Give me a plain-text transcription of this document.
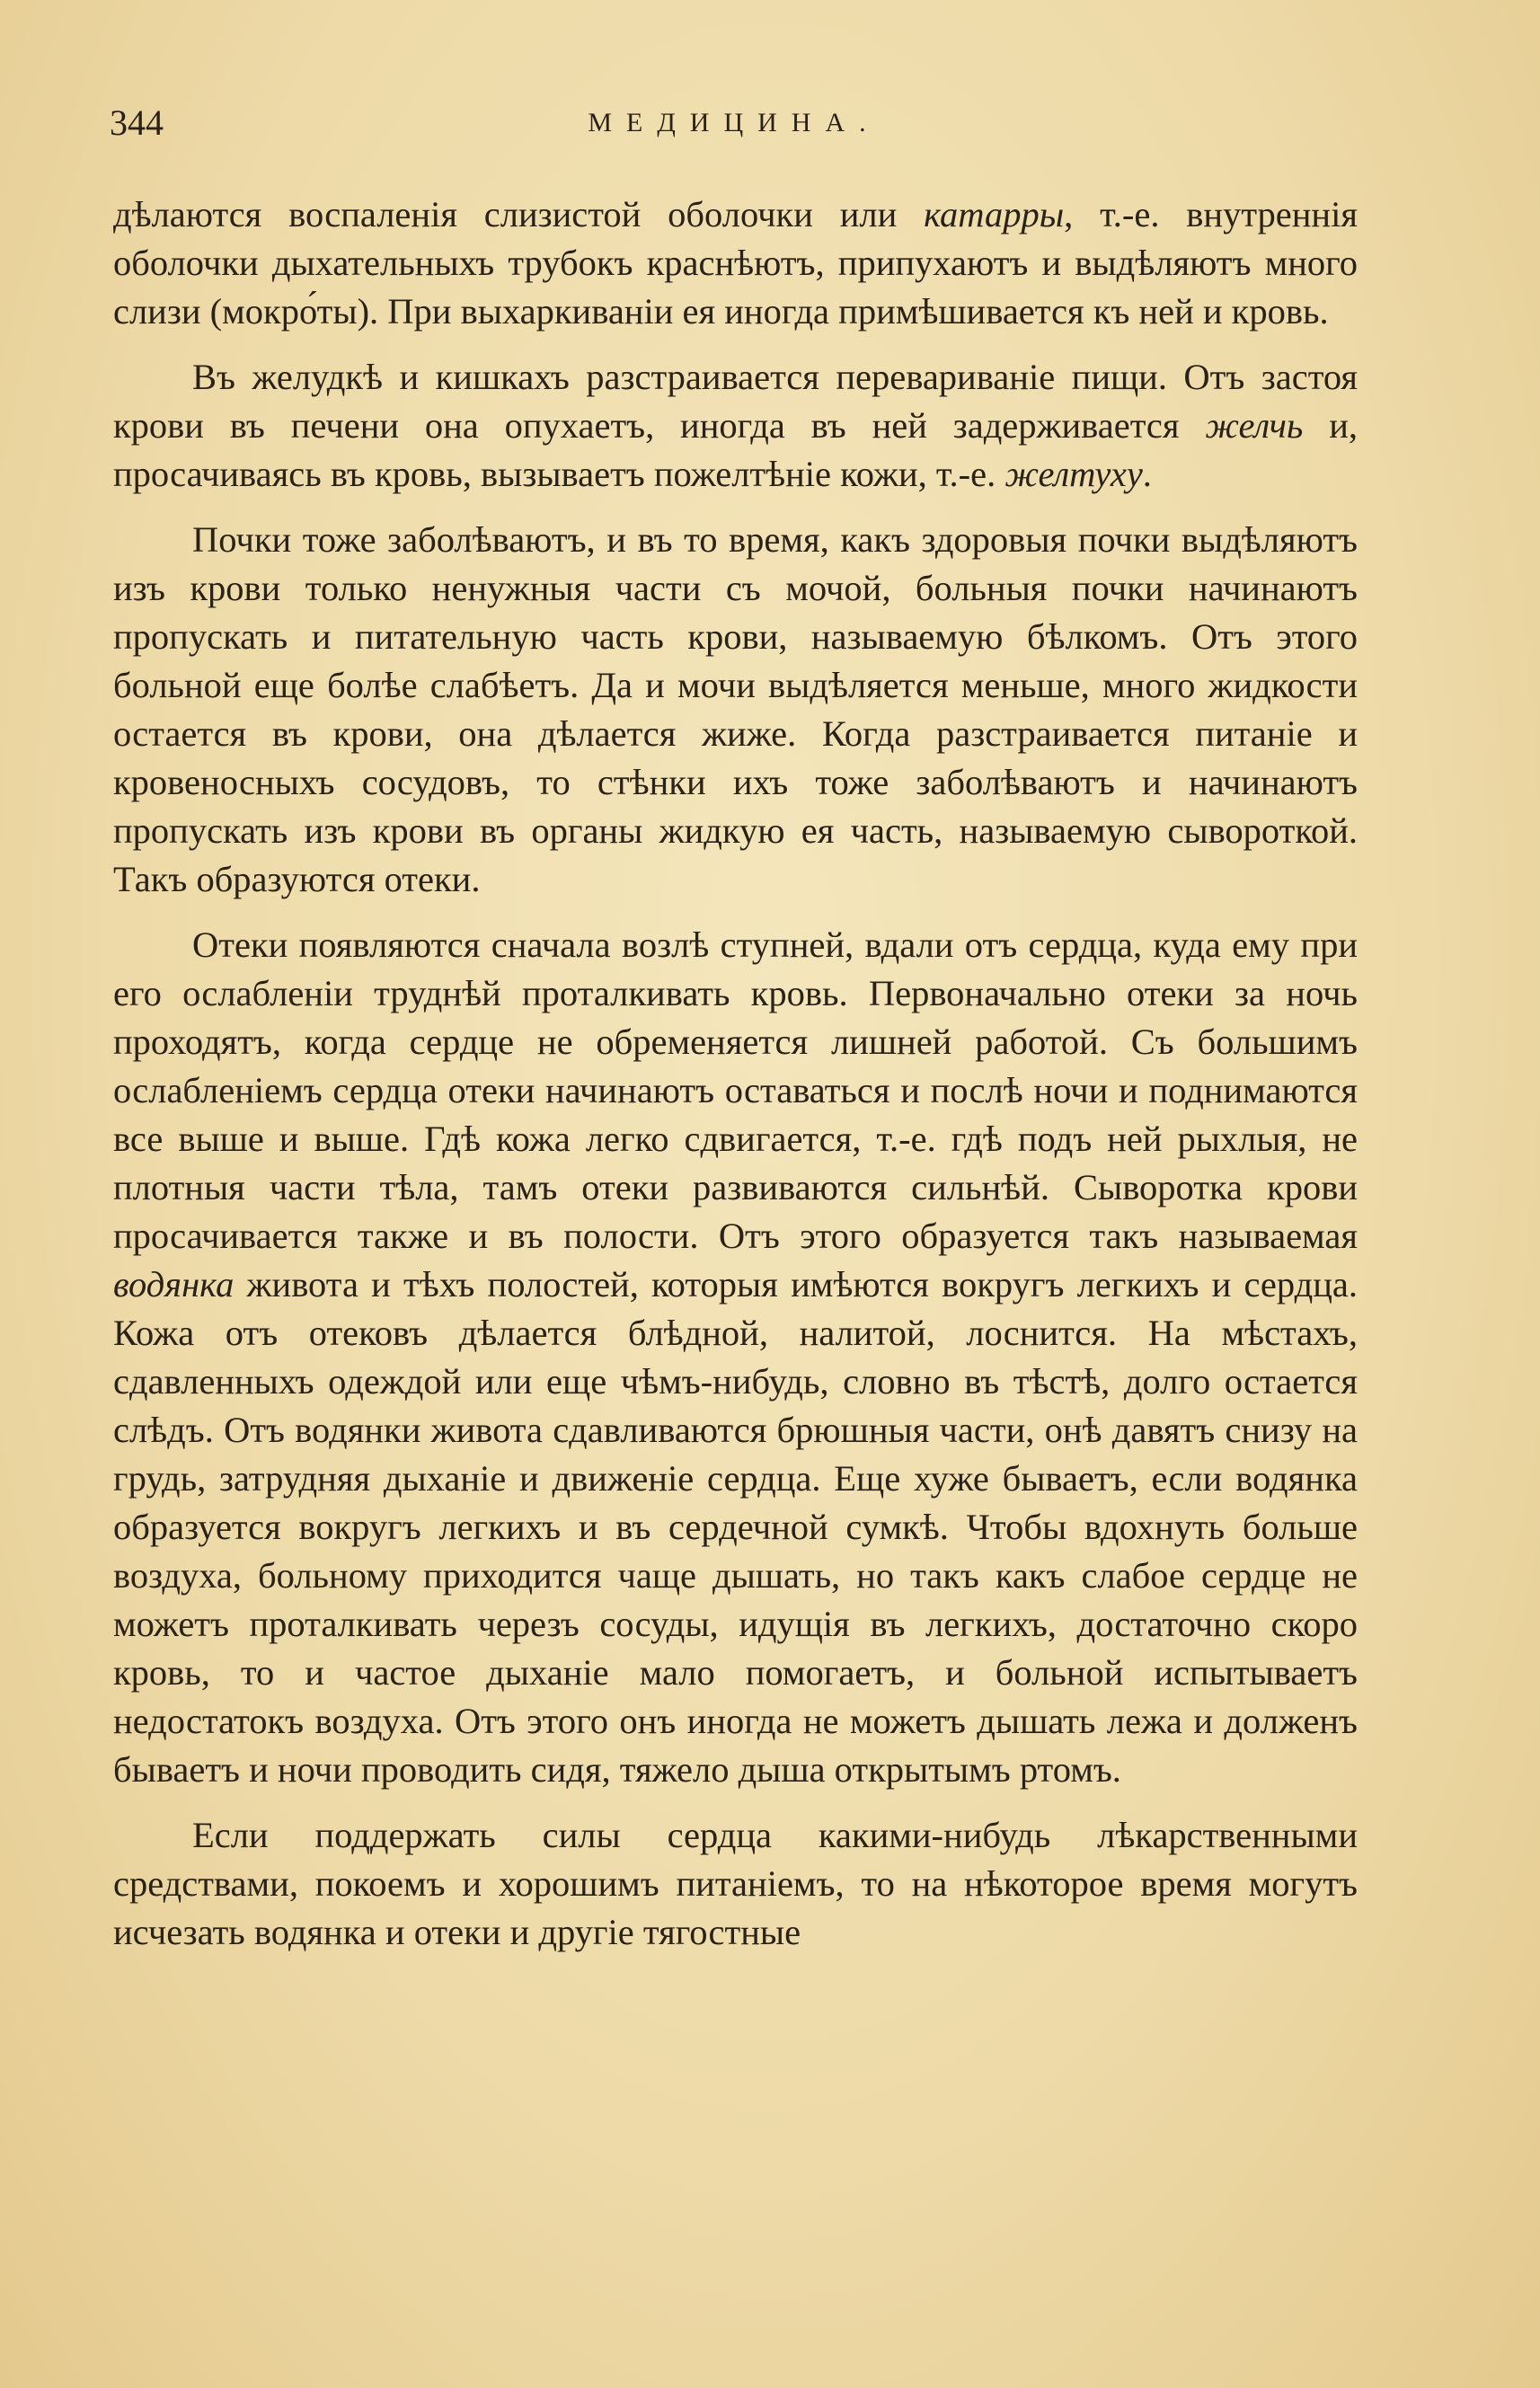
344	МЕДИЦИНА.

дѣлаются воспаленія слизистой оболочки или катарры, т.-е. внутреннія оболочки дыхательныхъ трубокъ краснѣютъ, припухаютъ и выдѣляютъ много слизи (мокро́ты). При выхаркиваніи ея иногда примѣшивается къ ней и кровь.

Въ желудкѣ и кишкахъ разстраивается перевариваніе пищи. Отъ застоя крови въ печени она опухаетъ, иногда въ ней задерживается желчь и, просачиваясь въ кровь, вызываетъ пожелтѣніе кожи, т.-е. желтуху.

Почки тоже заболѣваютъ, и въ то время, какъ здоровыя почки выдѣляютъ изъ крови только ненужныя части съ мочой, больныя почки начинаютъ пропускать и питательную часть крови, называемую бѣлкомъ. Отъ этого больной еще болѣе слабѣетъ. Да и мочи выдѣляется меньше, много жидкости остается въ крови, она дѣлается жиже. Когда разстраивается питаніе и кровеносныхъ сосудовъ, то стѣнки ихъ тоже заболѣваютъ и начинаютъ пропускать изъ крови въ органы жидкую ея часть, называемую сывороткой. Такъ образуются отеки.

Отеки появляются сначала возлѣ ступней, вдали отъ сердца, куда ему при его ослабленіи труднѣй проталкивать кровь. Первоначально отеки за ночь проходятъ, когда сердце не обременяется лишней работой. Съ большимъ ослабленіемъ сердца отеки начинаютъ оставаться и послѣ ночи и поднимаются все выше и выше. Гдѣ кожа легко сдвигается, т.-е. гдѣ подъ ней рыхлыя, не плотныя части тѣла, тамъ отеки развиваются сильнѣй. Сыворотка крови просачивается также и въ полости. Отъ этого образуется такъ называемая водянка живота и тѣхъ полостей, которыя имѣются вокругъ легкихъ и сердца. Кожа отъ отековъ дѣлается блѣдной, налитой, лоснится. На мѣстахъ, сдавленныхъ одеждой или еще чѣмъ-нибудь, словно въ тѣстѣ, долго остается слѣдъ. Отъ водянки живота сдавливаются брюшныя части, онѣ давятъ снизу на грудь, затрудняя дыханіе и движеніе сердца. Еще хуже бываетъ, если водянка образуется вокругъ легкихъ и въ сердечной сумкѣ. Чтобы вдохнуть больше воздуха, больному приходится чаще дышать, но такъ какъ слабое сердце не можетъ проталкивать черезъ сосуды, идущія въ легкихъ, достаточно скоро кровь, то и частое дыханіе мало помогаетъ, и больной испытываетъ недостатокъ воздуха. Отъ этого онъ иногда не можетъ дышать лежа и долженъ бываетъ и ночи проводить сидя, тяжело дыша открытымъ ртомъ.

Если поддержать силы сердца какими-нибудь лѣкарственными средствами, покоемъ и хорошимъ питаніемъ, то на нѣкоторое время могутъ исчезать водянка и отеки и другіе тягостные
